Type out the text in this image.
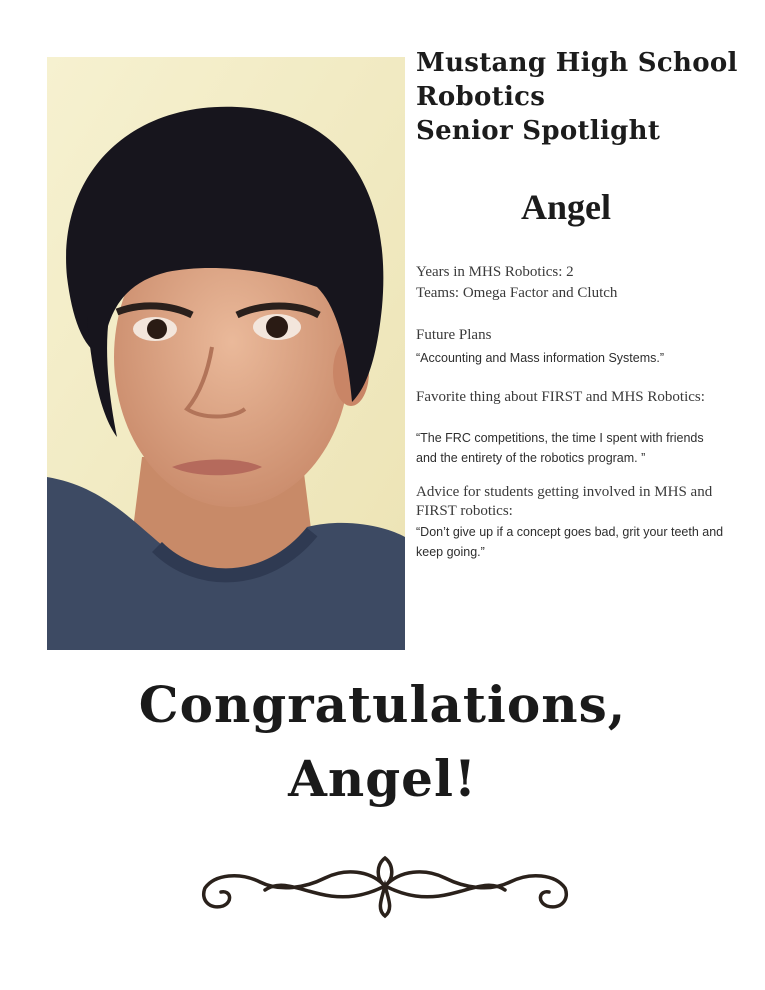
Mustang High School
Robotics
Senior Spotlight
Angel
Years in MHS Robotics: 2
Teams: Omega Factor and Clutch
Future Plans
“Accounting and Mass information Systems.”
Favorite thing about FIRST and MHS Robotics:
“The FRC competitions, the time I spent with friends and the entirety of the robotics program. ”
Advice for students getting involved in MHS and FIRST robotics:
“Don’t give up if a concept goes bad, grit your teeth and keep going.”
Congratulations,
Angel!
